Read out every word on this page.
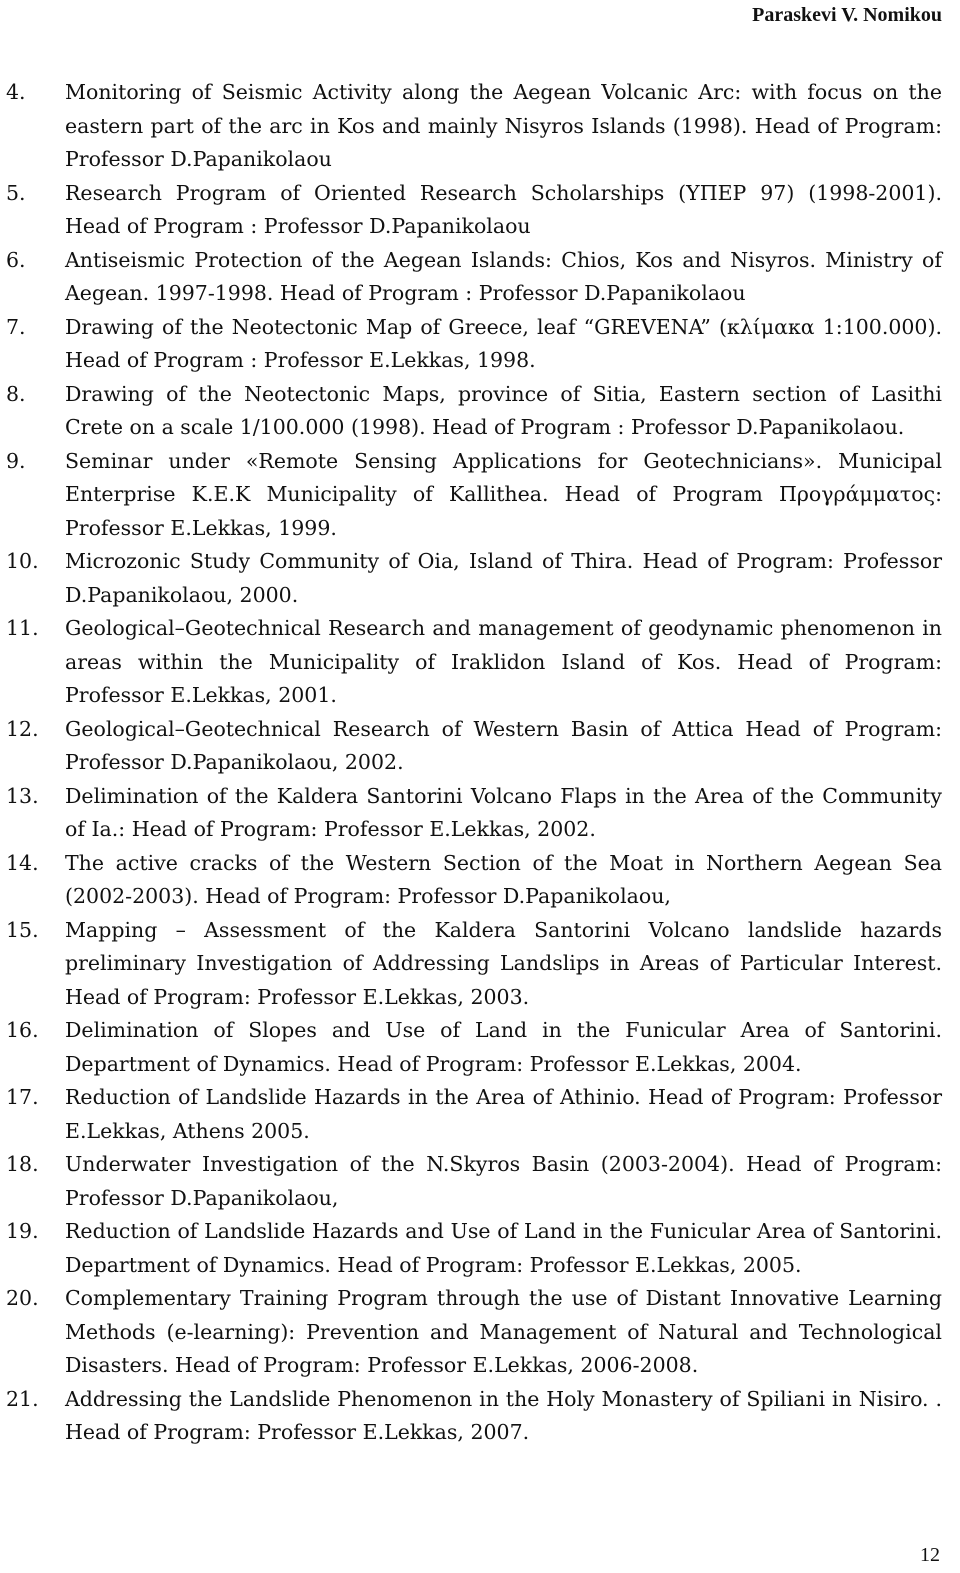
Paraskevi V. Nomikou
4.	Monitoring of Seismic Activity along the Aegean Volcanic Arc: with focus on the eastern part of the arc in Kos and mainly Nisyros Islands (1998). Head of Program: Professor D.Papanikolaou
5.	Research Program of Oriented Research Scholarships (ΥΠΕΡ 97) (1998-2001). Head of Program : Professor D.Papanikolaou
6.	Antiseismic Protection of the Aegean Islands: Chios, Kos and Nisyros. Ministry of Aegean. 1997-1998. Head of Program : Professor D.Papanikolaou
7.	Drawing of the Neotectonic Map of Greece, leaf “GREVENA” (κλίμακα 1:100.000). Head of Program : Professor E.Lekkas, 1998.
8.	Drawing of the Neotectonic Maps, province of Sitia, Eastern section of Lasithi Crete on a scale 1/100.000 (1998). Head of Program : Professor D.Papanikolaou.
9.	Seminar under «Remote Sensing Applications for Geotechnicians». Municipal Enterprise K.E.K Municipality of Kallithea. Head of Program Προγράμματος: Professor E.Lekkas, 1999.
10.	Microzonic Study Community of Oia, Island of Thira. Head of Program: Professor D.Papanikolaou, 2000.
11.	Geological–Geotechnical Research and management of geodynamic phenomenon in areas within the Municipality of Iraklidon Island of Kos. Head of Program: Professor E.Lekkas, 2001.
12.	Geological–Geotechnical Research of Western Basin of Attica Head of Program: Professor D.Papanikolaou, 2002.
13.	Delimination of the Kaldera Santorini Volcano Flaps in the Area of the Community of Ia.: Head of Program: Professor E.Lekkas, 2002.
14.	The active cracks of the Western Section of the Moat in Northern Aegean Sea (2002-2003). Head of Program: Professor D.Papanikolaou,
15.	Mapping – Assessment of the Kaldera Santorini Volcano landslide hazards preliminary Investigation of Addressing Landslips in Areas of Particular Interest. Head of Program: Professor E.Lekkas, 2003.
16.	Delimination of Slopes and Use of Land in the Funicular Area of Santorini. Department of Dynamics. Head of Program: Professor E.Lekkas, 2004.
17.	Reduction of Landslide Hazards in the Area of Athinio. Head of Program: Professor E.Lekkas, Athens 2005.
18.	Underwater Investigation of the N.Skyros Basin (2003-2004). Head of Program: Professor D.Papanikolaou,
19.	Reduction of Landslide Hazards and Use of Land in the Funicular Area of Santorini. Department of Dynamics. Head of Program: Professor E.Lekkas, 2005.
20.	Complementary Training Program through the use of Distant Innovative Learning Methods (e-learning): Prevention and Management of Natural and Technological Disasters. Head of Program: Professor E.Lekkas, 2006-2008.
21.	Addressing the Landslide Phenomenon in the Holy Monastery of Spiliani in Nisiro. . Head of Program: Professor E.Lekkas, 2007.
12
